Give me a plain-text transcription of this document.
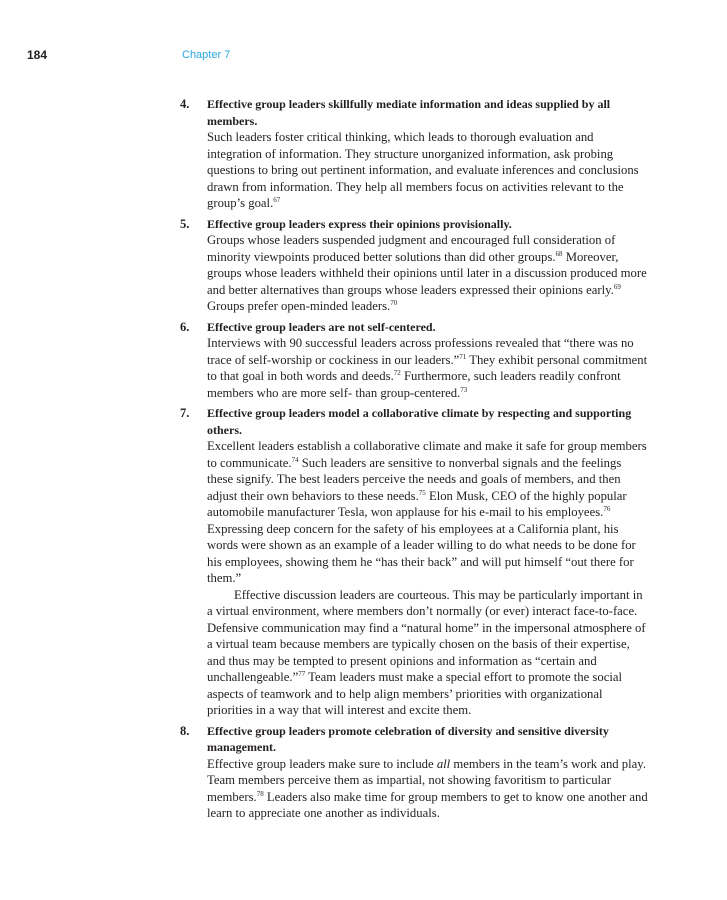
184	Chapter 7
4. Effective group leaders skillfully mediate information and ideas supplied by all members.

Such leaders foster critical thinking, which leads to thorough evaluation and integration of information. They structure unorganized information, ask probing questions to bring out pertinent information, and evaluate inferences and conclusions drawn from information. They help all members focus on activities relevant to the group’s goal.$^{67}$

5. Effective group leaders express their opinions provisionally.

Groups whose leaders suspended judgment and encouraged full consideration of minority viewpoints produced better solutions than did other groups.$^{68}$ Moreover, groups whose leaders withheld their opinions until later in a discussion produced more and better alternatives than groups whose leaders expressed their opinions early.$^{69}$ Groups prefer open-minded leaders.$^{70}$

6. Effective group leaders are not self-centered.

Interviews with 90 successful leaders across professions revealed that “there was no trace of self-worship or cockiness in our leaders.”$^{71}$ They exhibit personal commitment to that goal in both words and deeds.$^{72}$ Furthermore, such leaders readily confront members who are more self- than group-centered.$^{73}$

7. Effective group leaders model a collaborative climate by respecting and supporting others.

Excellent leaders establish a collaborative climate and make it safe for group members to communicate.$^{74}$ Such leaders are sensitive to nonverbal signals and the feelings these signify. The best leaders perceive the needs and goals of members, and then adjust their own behaviors to these needs.$^{75}$ Elon Musk, CEO of the highly popular automobile manufacturer Tesla, won applause for his e-mail to his employees.$^{76}$ Expressing deep concern for the safety of his employees at a California plant, his words were shown as an example of a leader willing to do what needs to be done for his employees, showing them he “has their back” and will put himself “out there for them.”

Effective discussion leaders are courteous. This may be particularly important in a virtual environment, where members don’t normally (or ever) interact face-to-face. Defensive communication may find a “natural home” in the impersonal atmosphere of a virtual team because members are typically chosen on the basis of their expertise, and thus may be tempted to present opinions and information as “certain and unchallengeable.”$^{77}$ Team leaders must make a special effort to promote the social aspects of teamwork and to help align members’ priorities with organizational priorities in a way that will interest and excite them.

8. Effective group leaders promote celebration of diversity and sensitive diversity management.

Effective group leaders make sure to include all members in the team’s work and play. Team members perceive them as impartial, not showing favoritism to particular members.$^{78}$ Leaders also make time for group members to get to know one another and learn to appreciate one another as individuals.
